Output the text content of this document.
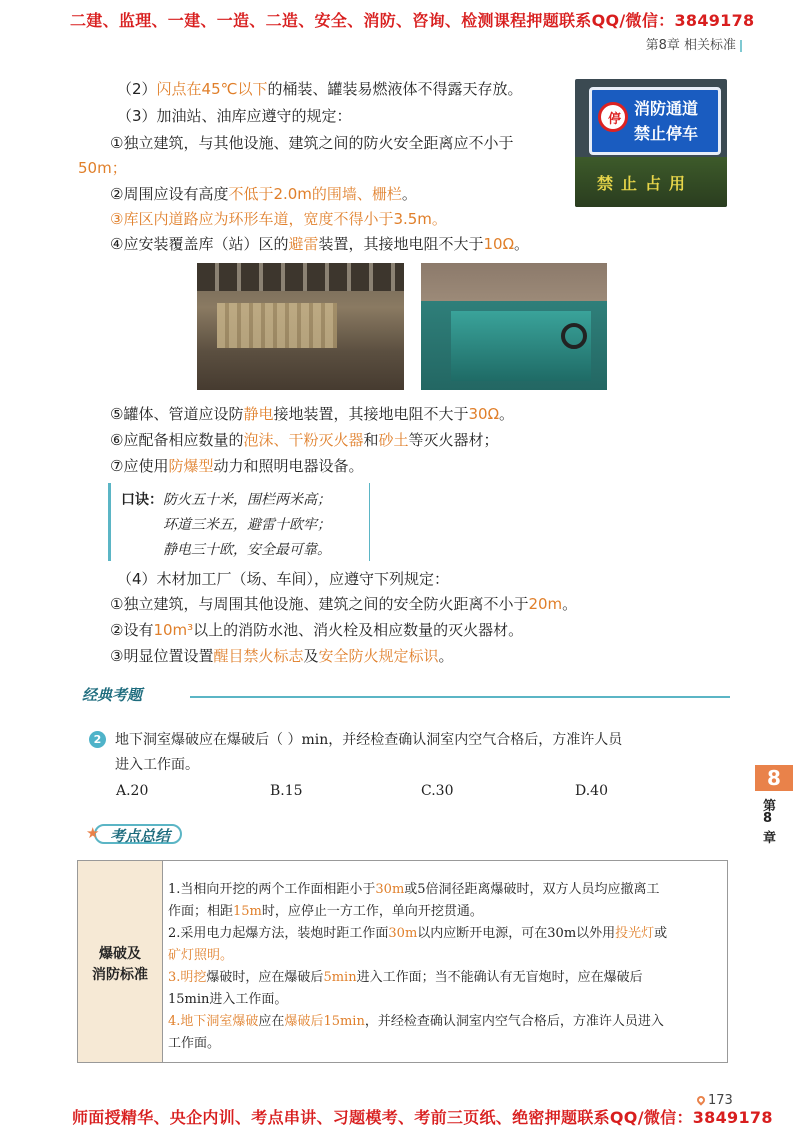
二建、监理、一建、一造、二造、安全、消防、咨询、检测课程押题联系QQ/微信：3849178
第8章 相关标准
停
消防通道
禁止停车
禁止占用
（2）闪点在45℃以下的桶装、罐装易燃液体不得露天存放。
（3）加油站、油库应遵守的规定：
①独立建筑，与其他设施、建筑之间的防火安全距离应不小于
50m；
②周围应设有高度不低于2.0m的围墙、栅栏。
③库区内道路应为环形车道，宽度不得小于3.5m。
④应安装覆盖库（站）区的避雷装置，其接地电阻不大于10Ω。
⑤罐体、管道应设防静电接地装置，其接地电阻不大于30Ω。
⑥应配备相应数量的泡沫、干粉灭火器和砂土等灭火器材；
⑦应使用防爆型动力和照明电器设备。
口诀：防火五十米，围栏两米高；
环道三米五，避雷十欧牢；
静电三十欧，安全最可靠。
（4）木材加工厂（场、车间），应遵守下列规定：
①独立建筑，与周围其他设施、建筑之间的安全防火距离不小于20m。
②设有10m³以上的消防水池、消火栓及相应数量的灭火器材。
③明显位置设置醒目禁火标志及安全防火规定标识。
经典考题
2 地下洞室爆破应在爆破后（ ）min，并经检查确认洞室内空气合格后，方准许人员
进入工作面。
A.20	B.15	C.30	D.40
8
第
8
章
★ 考点总结
爆破及
消防标准
1.当相向开挖的两个工作面相距小于30m或5倍洞径距离爆破时，双方人员均应撤离工
作面；相距15m时，应停止一方工作，单向开挖贯通。
2.采用电力起爆方法，装炮时距工作面30m以内应断开电源，可在30m以外用投光灯或
矿灯照明。
3.明挖爆破时，应在爆破后5min进入工作面；当不能确认有无盲炮时，应在爆破后
15min进入工作面。
4.地下洞室爆破应在爆破后15min，并经检查确认洞室内空气合格后，方准许人员进入
工作面。
173
师面授精华、央企内训、考点串讲、习题模考、考前三页纸、绝密押题联系QQ/微信：3849178
